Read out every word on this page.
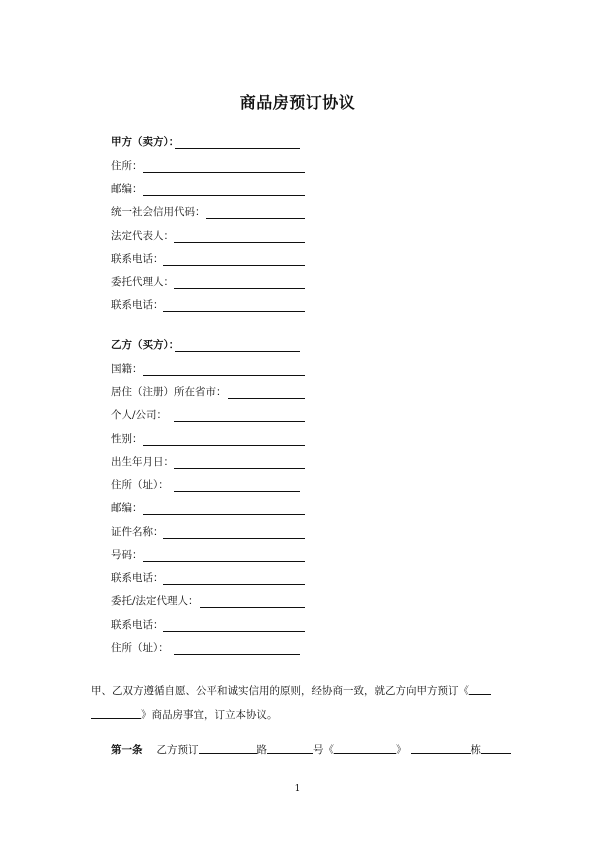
商品房预订协议
甲方（卖方）：
住所：
邮编：
统一社会信用代码：
法定代表人：
联系电话：
委托代理人：
联系电话：
乙方（买方）：
国籍：
居住（注册）所在省市：
个人/公司：
性别：
出生年月日：
住所（址）：
邮编：
证件名称：
号码：
联系电话：
委托/法定代理人：
联系电话：
住所（址）：
甲、乙双方遵循自愿、公平和诚实信用的原则，经协商一致，就乙方向甲方预订《
》商品房事宜，订立本协议。
第一条 乙方预订	路	号《	》	栋
1
